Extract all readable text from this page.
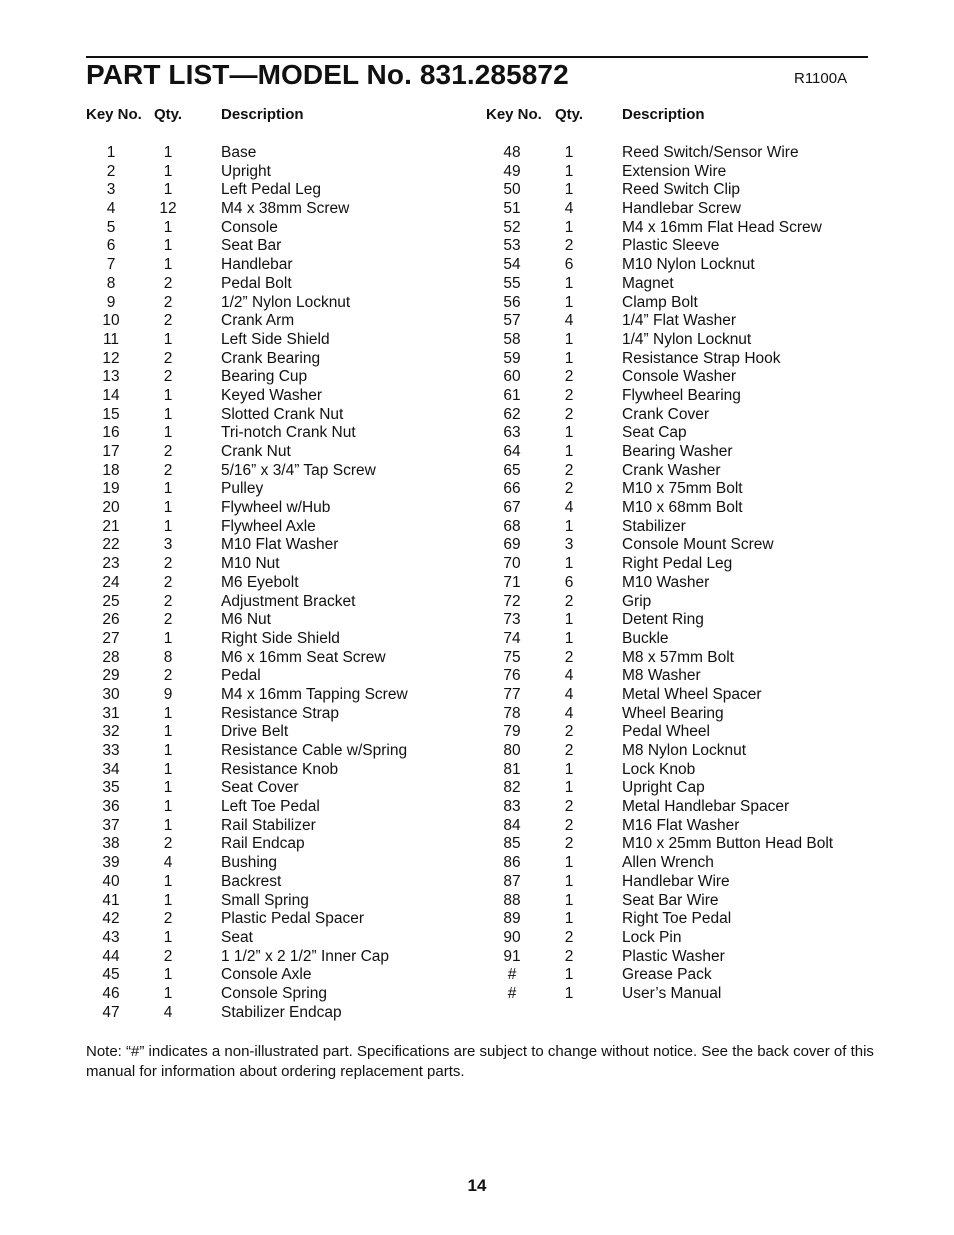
PART LIST—MODEL No. 831.285872	R1100A
Key No. Qty.	Description	Key No. Qty.	Description
1	1	Base
2	1	Upright
3	1	Left Pedal Leg
4	12	M4 x 38mm Screw
5	1	Console
6	1	Seat Bar
7	1	Handlebar
8	2	Pedal Bolt
9	2	1/2” Nylon Locknut
10	2	Crank Arm
11	1	Left Side Shield
12	2	Crank Bearing
13	2	Bearing Cup
14	1	Keyed Washer
15	1	Slotted Crank Nut
16	1	Tri-notch Crank Nut
17	2	Crank Nut
18	2	5/16” x 3/4” Tap Screw
19	1	Pulley
20	1	Flywheel w/Hub
21	1	Flywheel Axle
22	3	M10 Flat Washer
23	2	M10 Nut
24	2	M6 Eyebolt
25	2	Adjustment Bracket
26	2	M6 Nut
27	1	Right Side Shield
28	8	M6 x 16mm Seat Screw
29	2	Pedal
30	9	M4 x 16mm Tapping Screw
31	1	Resistance Strap
32	1	Drive Belt
33	1	Resistance Cable w/Spring
34	1	Resistance Knob
35	1	Seat Cover
36	1	Left Toe Pedal
37	1	Rail Stabilizer
38	2	Rail Endcap
39	4	Bushing
40	1	Backrest
41	1	Small Spring
42	2	Plastic Pedal Spacer
43	1	Seat
44	2	1 1/2” x 2 1/2” Inner Cap
45	1	Console Axle
46	1	Console Spring
47	4	Stabilizer Endcap
48	1	Reed Switch/Sensor Wire
49	1	Extension Wire
50	1	Reed Switch Clip
51	4	Handlebar Screw
52	1	M4 x 16mm Flat Head Screw
53	2	Plastic Sleeve
54	6	M10 Nylon Locknut
55	1	Magnet
56	1	Clamp Bolt
57	4	1/4” Flat Washer
58	1	1/4” Nylon Locknut
59	1	Resistance Strap Hook
60	2	Console Washer
61	2	Flywheel Bearing
62	2	Crank Cover
63	1	Seat Cap
64	1	Bearing Washer
65	2	Crank Washer
66	2	M10 x 75mm Bolt
67	4	M10 x 68mm Bolt
68	1	Stabilizer
69	3	Console Mount Screw
70	1	Right Pedal Leg
71	6	M10 Washer
72	2	Grip
73	1	Detent Ring
74	1	Buckle
75	2	M8 x 57mm Bolt
76	4	M8 Washer
77	4	Metal Wheel Spacer
78	4	Wheel Bearing
79	2	Pedal Wheel
80	2	M8 Nylon Locknut
81	1	Lock Knob
82	1	Upright Cap
83	2	Metal Handlebar Spacer
84	2	M16 Flat Washer
85	2	M10 x 25mm Button Head Bolt
86	1	Allen Wrench
87	1	Handlebar Wire
88	1	Seat Bar Wire
89	1	Right Toe Pedal
90	2	Lock Pin
91	2	Plastic Washer
#	1	Grease Pack
#	1	User’s Manual
Note: “#” indicates a non-illustrated part. Specifications are subject to change without notice. See the back cover of this manual for information about ordering replacement parts.
14
